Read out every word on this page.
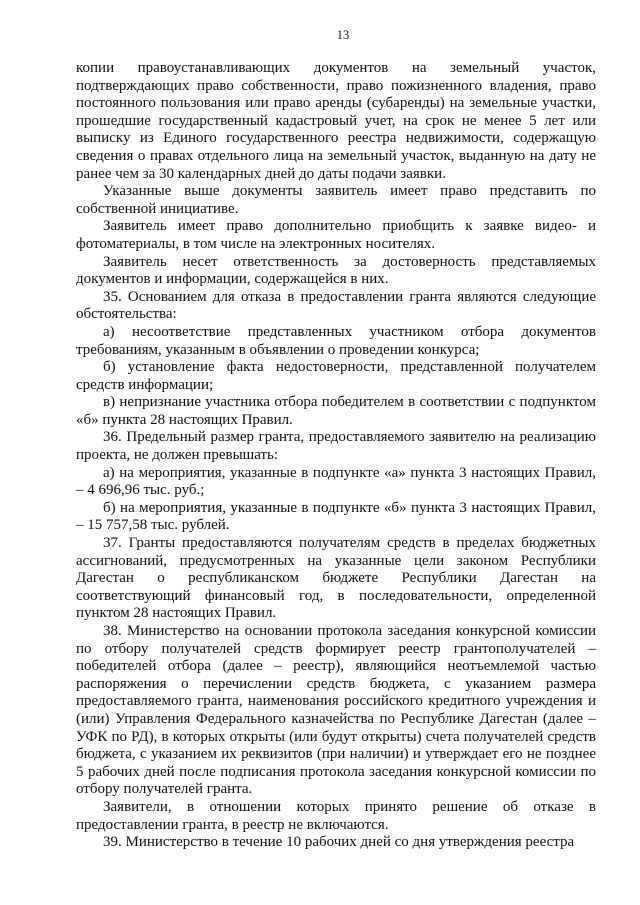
13

копии правоустанавливающих документов на земельный участок, подтверждающих право собственности, право пожизненного владения, право постоянного пользования или право аренды (субаренды) на земельные участки, прошедшие государственный кадастровый учет, на срок не менее 5 лет или выписку из Единого государственного реестра недвижимости, содержащую сведения о правах отдельного лица на земельный участок, выданную на дату не ранее чем за 30 календарных дней до даты подачи заявки.

Указанные выше документы заявитель имеет право представить по собственной инициативе.

Заявитель имеет право дополнительно приобщить к заявке видео- и фотоматериалы, в том числе на электронных носителях.

Заявитель несет ответственность за достоверность представляемых документов и информации, содержащейся в них.

35. Основанием для отказа в предоставлении гранта являются следующие обстоятельства:

а) несоответствие представленных участником отбора документов требованиям, указанным в объявлении о проведении конкурса;

б) установление факта недостоверности, представленной получателем средств информации;

в) непризнание участника отбора победителем в соответствии с подпунктом «б» пункта 28 настоящих Правил.

36. Предельный размер гранта, предоставляемого заявителю на реализацию проекта, не должен превышать:

а) на мероприятия, указанные в подпункте «а» пункта 3 настоящих Правил, – 4 696,96 тыс. руб.;

б) на мероприятия, указанные в подпункте «б» пункта 3 настоящих Правил, – 15 757,58 тыс. рублей.

37. Гранты предоставляются получателям средств в пределах бюджетных ассигнований, предусмотренных на указанные цели законом Республики Дагестан о республиканском бюджете Республики Дагестан на соответствующий финансовый год, в последовательности, определенной пунктом 28 настоящих Правил.

38. Министерство на основании протокола заседания конкурсной комиссии по отбору получателей средств формирует реестр грантополучателей – победителей отбора (далее – реестр), являющийся неотъемлемой частью распоряжения о перечислении средств бюджета, с указанием размера предоставляемого гранта, наименования российского кредитного учреждения и (или) Управления Федерального казначейства по Республике Дагестан (далее – УФК по РД), в которых открыты (или будут открыты) счета получателей средств бюджета, с указанием их реквизитов (при наличии) и утверждает его не позднее 5 рабочих дней после подписания протокола заседания конкурсной комиссии по отбору получателей гранта.

Заявители, в отношении которых принято решение об отказе в предоставлении гранта, в реестр не включаются.

39. Министерство в течение 10 рабочих дней со дня утверждения реестра
